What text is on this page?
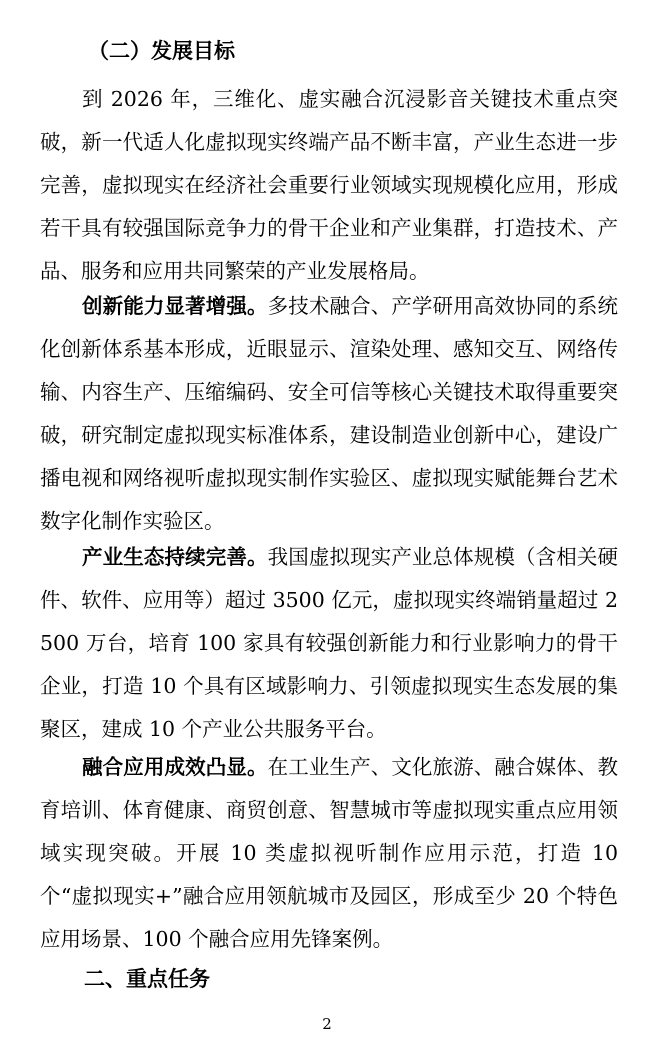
（二）发展目标

到 2026 年，三维化、虚实融合沉浸影音关键技术重点突破，新一代适人化虚拟现实终端产品不断丰富，产业生态进一步完善，虚拟现实在经济社会重要行业领域实现规模化应用，形成若干具有较强国际竞争力的骨干企业和产业集群，打造技术、产品、服务和应用共同繁荣的产业发展格局。

创新能力显著增强。多技术融合、产学研用高效协同的系统化创新体系基本形成，近眼显示、渲染处理、感知交互、网络传输、内容生产、压缩编码、安全可信等核心关键技术取得重要突破，研究制定虚拟现实标准体系，建设制造业创新中心，建设广播电视和网络视听虚拟现实制作实验区、虚拟现实赋能舞台艺术数字化制作实验区。

产业生态持续完善。我国虚拟现实产业总体规模（含相关硬件、软件、应用等）超过 3500 亿元，虚拟现实终端销量超过 2500 万台，培育 100 家具有较强创新能力和行业影响力的骨干企业，打造 10 个具有区域影响力、引领虚拟现实生态发展的集聚区，建成 10 个产业公共服务平台。

融合应用成效凸显。在工业生产、文化旅游、融合媒体、教育培训、体育健康、商贸创意、智慧城市等虚拟现实重点应用领域实现突破。开展 10 类虚拟视听制作应用示范，打造 10 个“虚拟现实+”融合应用领航城市及园区，形成至少 20 个特色应用场景、100 个融合应用先锋案例。

二、重点任务
2
